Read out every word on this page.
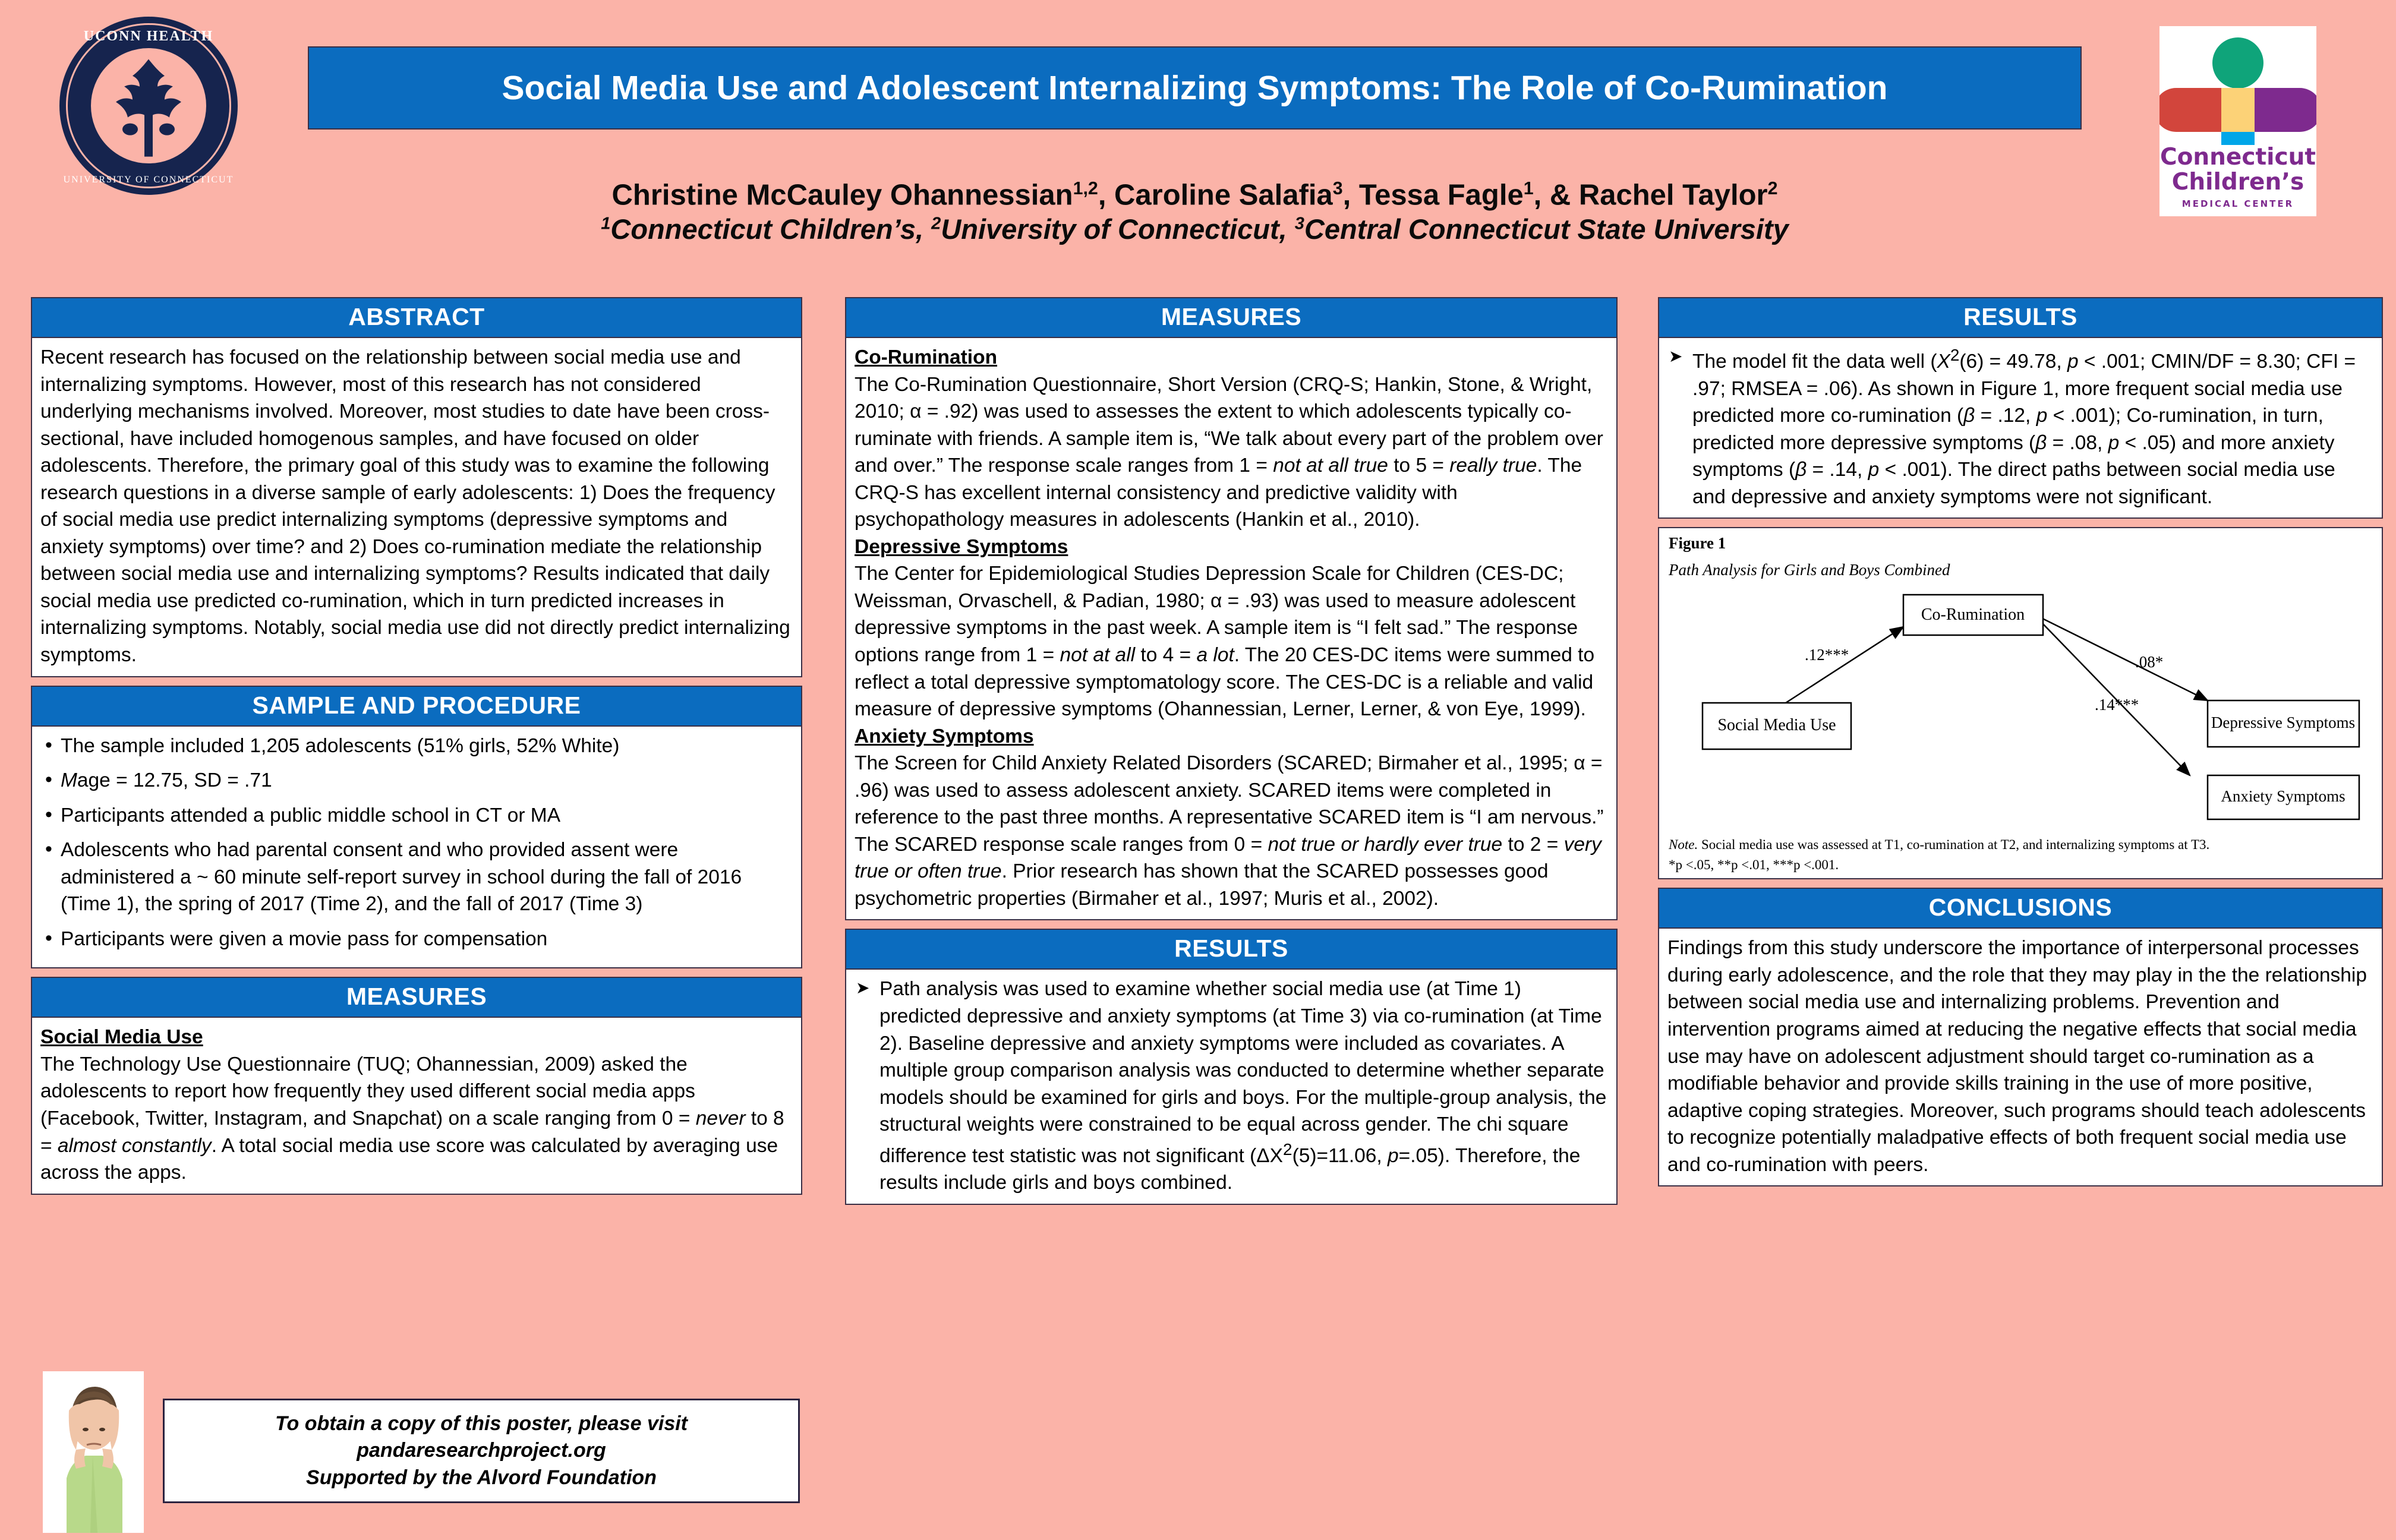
UCONN HEALTH
UNIVERSITY OF CONNECTICUT
Social Media Use and Adolescent Internalizing Symptoms: The Role of Co-Rumination
Christine McCauley Ohannessian$^{1,2}$, Caroline Salafia$^3$, Tessa Fagle$^1$, & Rachel Taylor$^2$
$^1$Connecticut Children’s, $^2$University of Connecticut, $^3$Central Connecticut State University
Connecticut
Children’s
MEDICAL CENTER
ABSTRACT
Recent research has focused on the relationship between social media use and internalizing symptoms. However, most of this research has not considered underlying mechanisms involved. Moreover, most studies to date have been cross-sectional, have included homogenous samples, and have focused on older adolescents. Therefore, the primary goal of this study was to examine the following research questions in a diverse sample of early adolescents: 1) Does the frequency of social media use predict internalizing symptoms (depressive symptoms and anxiety symptoms) over time? and 2) Does co-rumination mediate the relationship between social media use and internalizing symptoms? Results indicated that daily social media use predicted co-rumination, which in turn predicted increases in internalizing symptoms. Notably, social media use did not directly predict internalizing symptoms.
SAMPLE AND PROCEDURE
• The sample included 1,205 adolescents (51% girls, 52% White)
• Mage = 12.75, SD = .71
• Participants attended a public middle school in CT or MA
• Adolescents who had parental consent and who provided assent were administered a ~ 60 minute self-report survey in school during the fall of 2016 (Time 1), the spring of 2017 (Time 2), and the fall of 2017 (Time 3)
• Participants were given a movie pass for compensation
MEASURES
Social Media Use

The Technology Use Questionnaire (TUQ; Ohannessian, 2009) asked the adolescents to report how frequently they used different social media apps (Facebook, Twitter, Instagram, and Snapchat) on a scale ranging from 0 = never to 8 = almost constantly. A total social media use score was calculated by averaging use across the apps.

MEASURES
Co-Rumination

The Co-Rumination Questionnaire, Short Version (CRQ-S; Hankin, Stone, & Wright, 2010; α = .92) was used to assesses the extent to which adolescents typically co-ruminate with friends. A sample item is, “We talk about every part of the problem over and over.” The response scale ranges from 1 = not at all true to 5 = really true. The CRQ-S has excellent internal consistency and predictive validity with psychopathology measures in adolescents (Hankin et al., 2010).

Depressive Symptoms

The Center for Epidemiological Studies Depression Scale for Children (CES-DC; Weissman, Orvaschell, & Padian, 1980; α = .93) was used to measure adolescent depressive symptoms in the past week. A sample item is “I felt sad.” The response options range from 1 = not at all to 4 = a lot. The 20 CES-DC items were summed to reflect a total depressive symptomatology score. The CES-DC is a reliable and valid measure of depressive symptoms (Ohannessian, Lerner, Lerner, & von Eye, 1999).

Anxiety Symptoms

The Screen for Child Anxiety Related Disorders (SCARED; Birmaher et al., 1995; α = .96) was used to assess adolescent anxiety. SCARED items were completed in reference to the past three months. A representative SCARED item is “I am nervous.” The SCARED response scale ranges from 0 = not true or hardly ever true to 2 = very true or often true. Prior research has shown that the SCARED possesses good psychometric properties (Birmaher et al., 1997; Muris et al., 2002).

RESULTS
➤ Path analysis was used to examine whether social media use (at Time 1) predicted depressive and anxiety symptoms (at Time 3) via co-rumination (at Time 2). Baseline depressive and anxiety symptoms were included as covariates. A multiple group comparison analysis was conducted to determine whether separate models should be examined for girls and boys. For the multiple-group analysis, the structural weights were constrained to be equal across gender. The chi square difference test statistic was not significant ($\Delta X^2(5)=11.06$, p=.05). Therefore, the results include girls and boys combined.
RESULTS
➤ The model fit the data well ($X^2(6) = 49.78$, p < .001; CMIN/DF = 8.30; CFI = .97; RMSEA = .06). As shown in Figure 1, more frequent social media use predicted more co-rumination (β = .12, p < .001); Co-rumination, in turn, predicted more depressive symptoms (β = .08, p < .05) and more anxiety symptoms (β = .14, p < .001). The direct paths between social media use and depressive and anxiety symptoms were not significant.
Figure 1
Path Analysis for Girls and Boys Combined
.12***	.08*
.14***
Co-Rumination
Social Media Use	Depressive Symptoms
Anxiety Symptoms
Note. Social media use was assessed at T1, co-rumination at T2, and internalizing symptoms at T3.
*p <.05, **p <.01, ***p <.001.
CONCLUSIONS
Findings from this study underscore the importance of interpersonal processes during early adolescence, and the role that they may play in the the relationship between social media use and internalizing problems. Prevention and intervention programs aimed at reducing the negative effects that social media use may have on adolescent adjustment should target co-rumination as a modifiable behavior and provide skills training in the use of more positive, adaptive coping strategies. Moreover, such programs should teach adolescents to recognize potentially maladpative effects of both frequent social media use and co-rumination with peers.
To obtain a copy of this poster, please visit
pandaresearchproject.org
Supported by the Alvord Foundation
